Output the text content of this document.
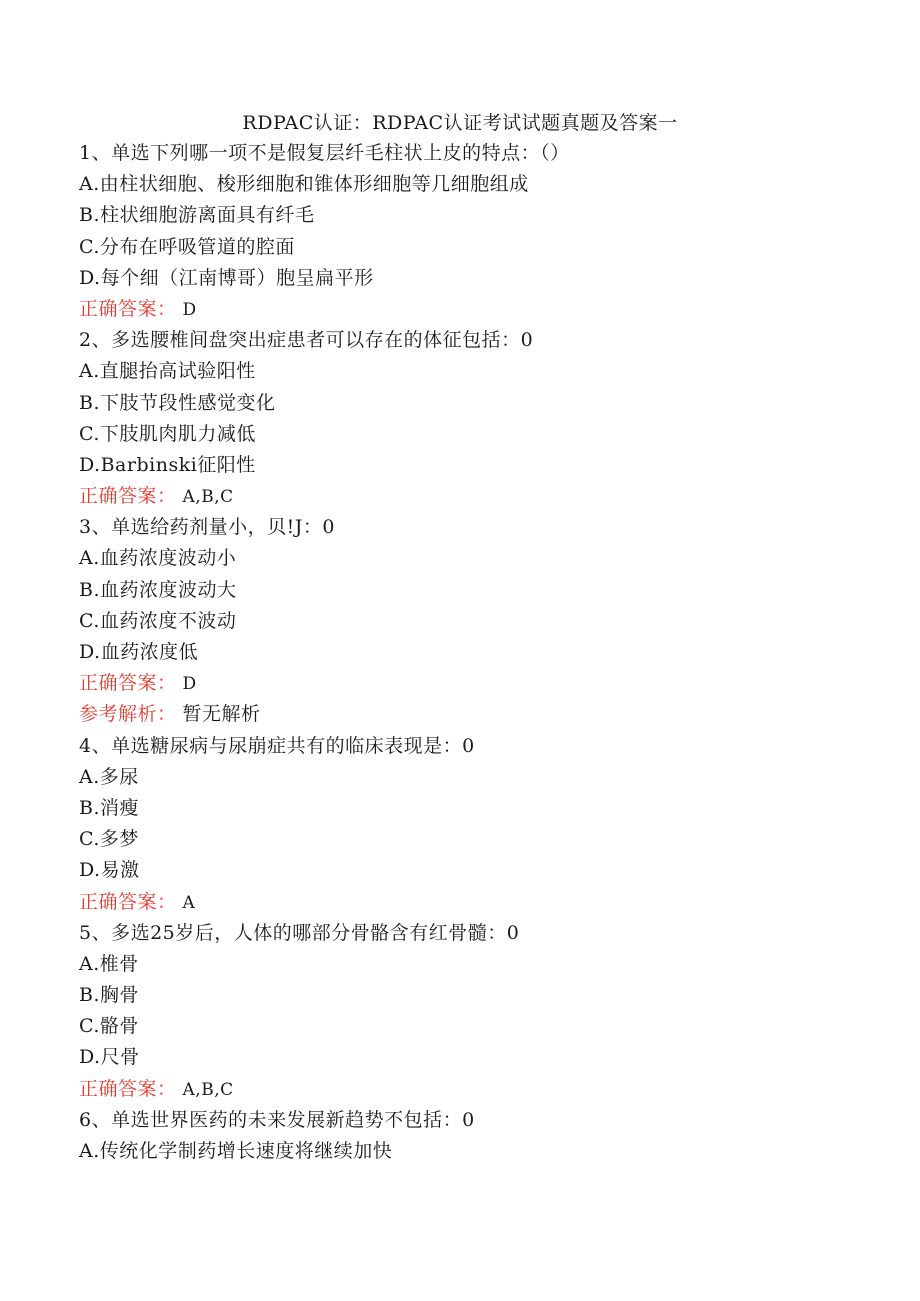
RDPAC认证：RDPAC认证考试试题真题及答案一
1、单选下列哪一项不是假复层纤毛柱状上皮的特点：（）
A.由柱状细胞、梭形细胞和锥体形细胞等几细胞组成
B.柱状细胞游离面具有纤毛
C.分布在呼吸管道的腔面
D.每个细（江南博哥）胞呈扁平形
正确答案： D
2、多选腰椎间盘突出症患者可以存在的体征包括：0
A.直腿抬高试验阳性
B.下肢节段性感觉变化
C.下肢肌肉肌力减低
D.Barbinski征阳性
正确答案： A,B,C
3、单选给药剂量小，贝!J：0
A.血药浓度波动小
B.血药浓度波动大
C.血药浓度不波动
D.血药浓度低
正确答案： D
参考解析： 暂无解析
4、单选糖尿病与尿崩症共有的临床表现是：0
A.多尿
B.消瘦
C.多梦
D.易激
正确答案： A
5、多选25岁后，人体的哪部分骨骼含有红骨髓：0
A.椎骨
B.胸骨
C.骼骨
D.尺骨
正确答案： A,B,C
6、单选世界医药的未来发展新趋势不包括：0
A.传统化学制药增长速度将继续加快
